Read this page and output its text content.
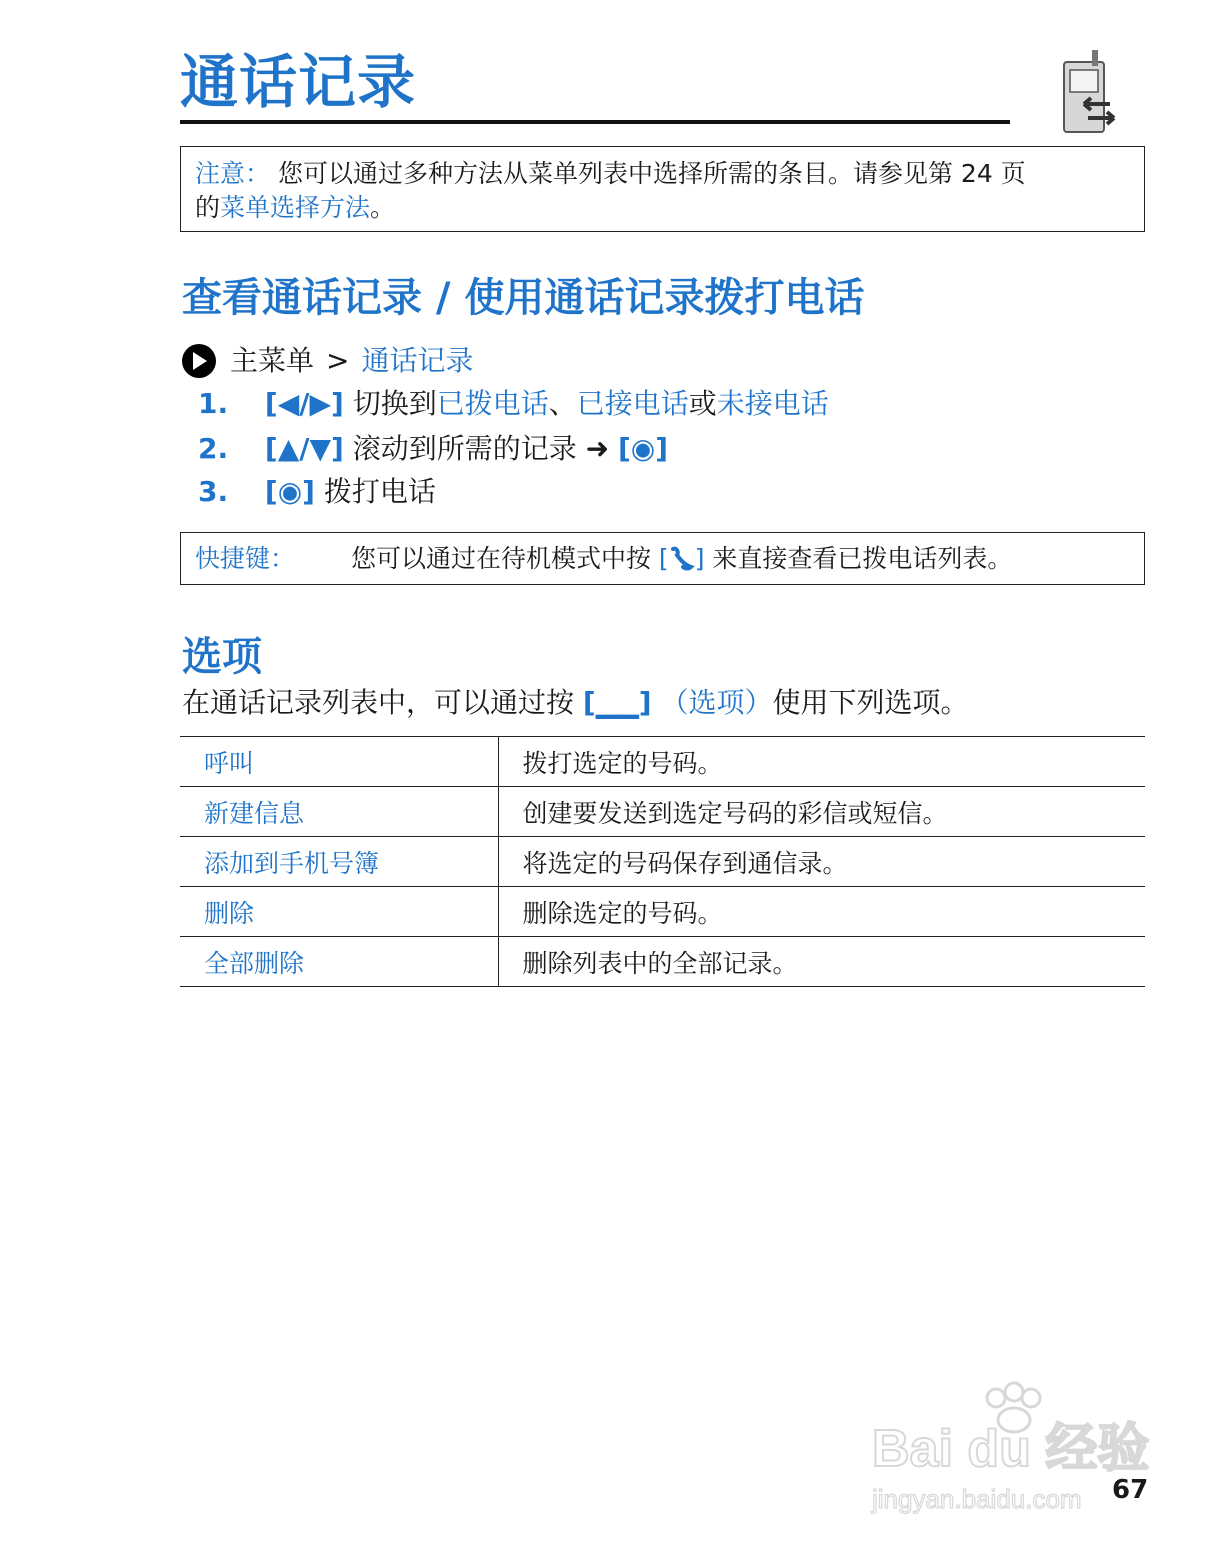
通话记录
注意： 您可以通过多种方法从菜单列表中选择所需的条目。请参见第 24 页
的菜单选择方法。
查看通话记录 / 使用通话记录拨打电话
主菜单 > 通话记录
1. [◀/▶] 切换到已拨电话、已接电话或未接电话
2. [▲/▼] 滚动到所需的记录 ➜ [◉]
3. [◉] 拨打电话
快捷键： 您可以通过在待机模式中按 [ ] 来直接查看已拨电话列表。
选项
在通话记录列表中，可以通过按 [▁▁] （选项）使用下列选项。
呼叫	拨打选定的号码。
新建信息	创建要发送到选定号码的彩信或短信。
添加到手机号簿	将选定的号码保存到通信录。
删除	删除选定的号码。
全部删除	删除列表中的全部记录。
Bai du 经验
jingyan.baidu.com 67
